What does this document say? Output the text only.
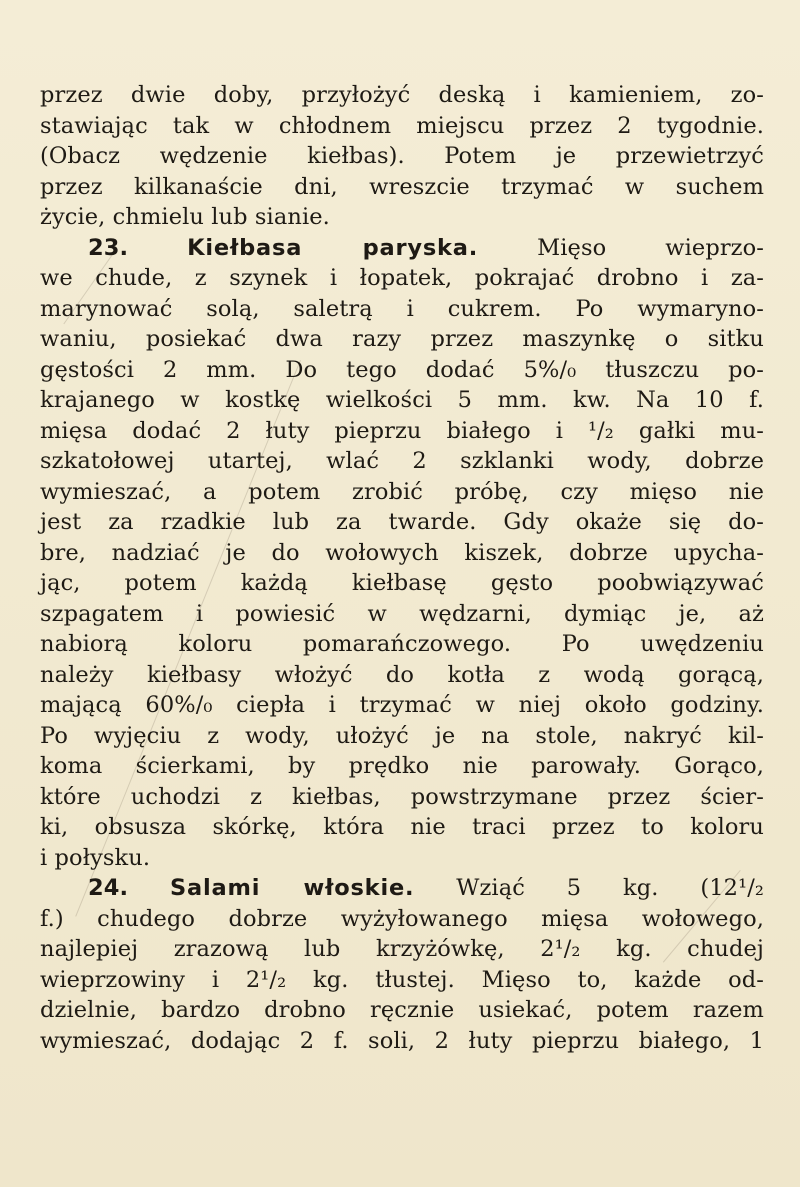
przez dwie doby, przyłożyć deską i kamieniem, zo-
stawiając tak w chłodnem miejscu przez 2 tygodnie.
(Obacz wędzenie kiełbas). Potem je przewietrzyć
przez kilkanaście dni, wreszcie trzymać w suchem
życie, chmielu lub sianie.
23.	Kiełbasa paryska.	Mięso wieprzo-
we chude, z szynek i łopatek, pokrajać drobno i za-
marynować solą, saletrą i cukrem. Po wymaryno-
waniu, posiekać dwa razy przez maszynkę o sitku
gęstości 2 mm. Do tego dodać 5%/₀ tłuszczu po-
krajanego w kostkę wielkości 5 mm. kw. Na 10 f.
mięsa dodać 2 łuty pieprzu białego i ¹/₂ gałki mu-
szkatołowej utartej, wlać 2 szklanki wody, dobrze
wymieszać, a potem zrobić próbę, czy mięso nie
jest za rzadkie lub za twarde. Gdy okaże się do-
bre, nadziać je do wołowych kiszek, dobrze upycha-
jąc, potem każdą kiełbasę gęsto poobwiązywać
szpagatem i powiesić w wędzarni, dymiąc je, aż
nabiorą koloru pomarańczowego. Po uwędzeniu
należy kiełbasy włożyć do kotła z wodą gorącą,
mającą 60%/₀ ciepła i trzymać w niej około godziny.
Po wyjęciu z wody, ułożyć je na stole, nakryć kil-
koma ścierkami, by prędko nie parowały. Gorąco,
które uchodzi z kiełbas, powstrzymane przez ścier-
ki, obsusza skórkę, która nie traci przez to koloru
i połysku.
24. Salami włoskie. Wziąć 5 kg. (12¹/₂
f.) chudego dobrze wyżyłowanego mięsa wołowego,
najlepiej zrazową lub krzyżówkę, 2¹/₂ kg. chudej
wieprzowiny i 2¹/₂ kg. tłustej. Mięso to, każde od-
dzielnie, bardzo drobno ręcznie usiekać, potem razem
wymieszać, dodając 2 f. soli, 2 łuty pieprzu białego, 1
